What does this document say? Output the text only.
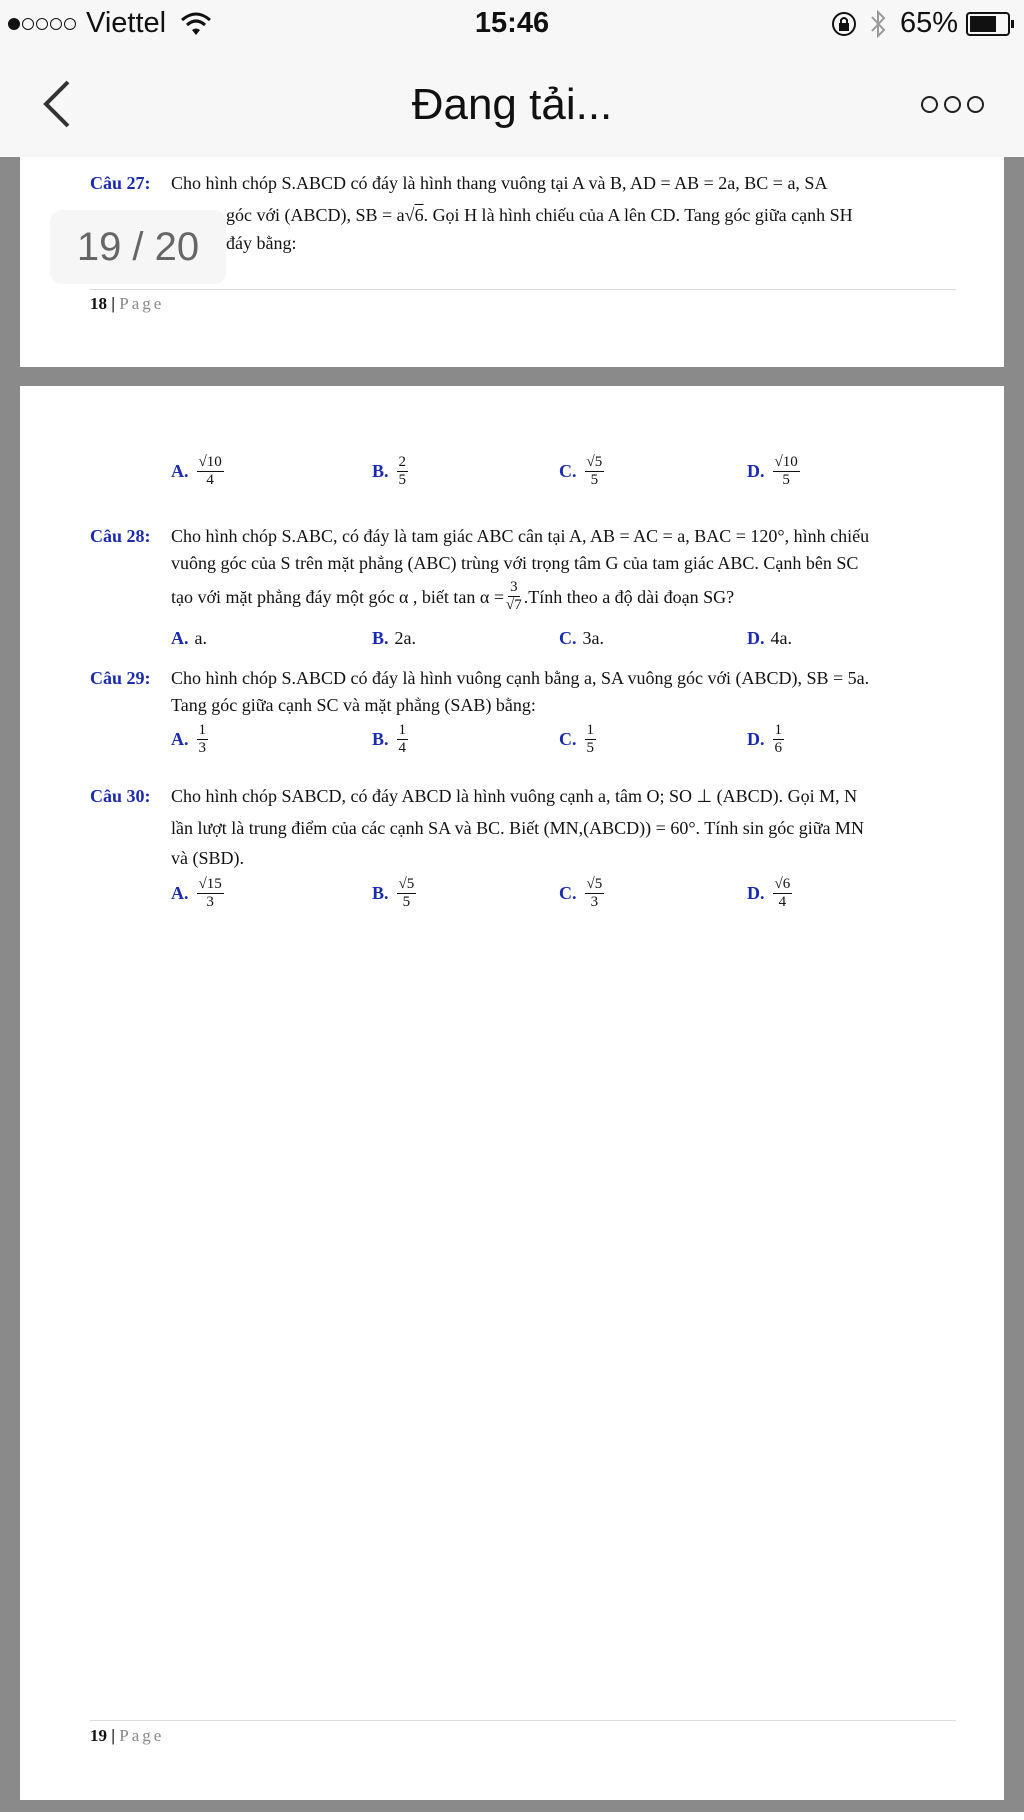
Viettel	15:46	65%
Đang tải...
Câu 27: Cho hình chóp S.ABCD có đáy là hình thang vuông tại A và B, AD = AB = 2a, BC = a, SA
góc với (ABCD), SB = a√6. Gọi H là hình chiếu của A lên CD. Tang góc giữa cạnh SH
đáy bằng:
18 | Page
19 / 20
A. $\frac{√10}{4}$	B. $\frac{2}{5}$	C. $\frac{√5}{5}$	D. $\frac{√10}{5}$
Câu 28: Cho hình chóp S.ABC, có đáy là tam giác ABC cân tại A, AB = AC = a, BAC = 120°, hình chiếu
vuông góc của S trên mặt phẳng (ABC) trùng với trọng tâm G của tam giác ABC. Cạnh bên SC
tạo với mặt phẳng đáy một góc α , biết $\tan \alpha = \frac{3}{√7}$ .Tính theo a độ dài đoạn SG?
A. a.	B. 2a.	C. 3a.	D. 4a.
Câu 29: Cho hình chóp S.ABCD có đáy là hình vuông cạnh bằng a, SA vuông góc với (ABCD), SB = 5a.
Tang góc giữa cạnh SC và mặt phẳng (SAB) bằng:
A. $\frac{1}{3}$	B. $\frac{1}{4}$	C. $\frac{1}{5}$	D. $\frac{1}{6}$
Câu 30: Cho hình chóp SABCD, có đáy ABCD là hình vuông cạnh a, tâm O; SO ⊥ (ABCD). Gọi M, N
lần lượt là trung điểm của các cạnh SA và BC. Biết (MN,(ABCD)) = 60°. Tính sin góc giữa MN
và (SBD).
A. $\frac{√15}{3}$	B. $\frac{√5}{5}$	C. $\frac{√5}{3}$	D. $\frac{√6}{4}$
19 | Page
